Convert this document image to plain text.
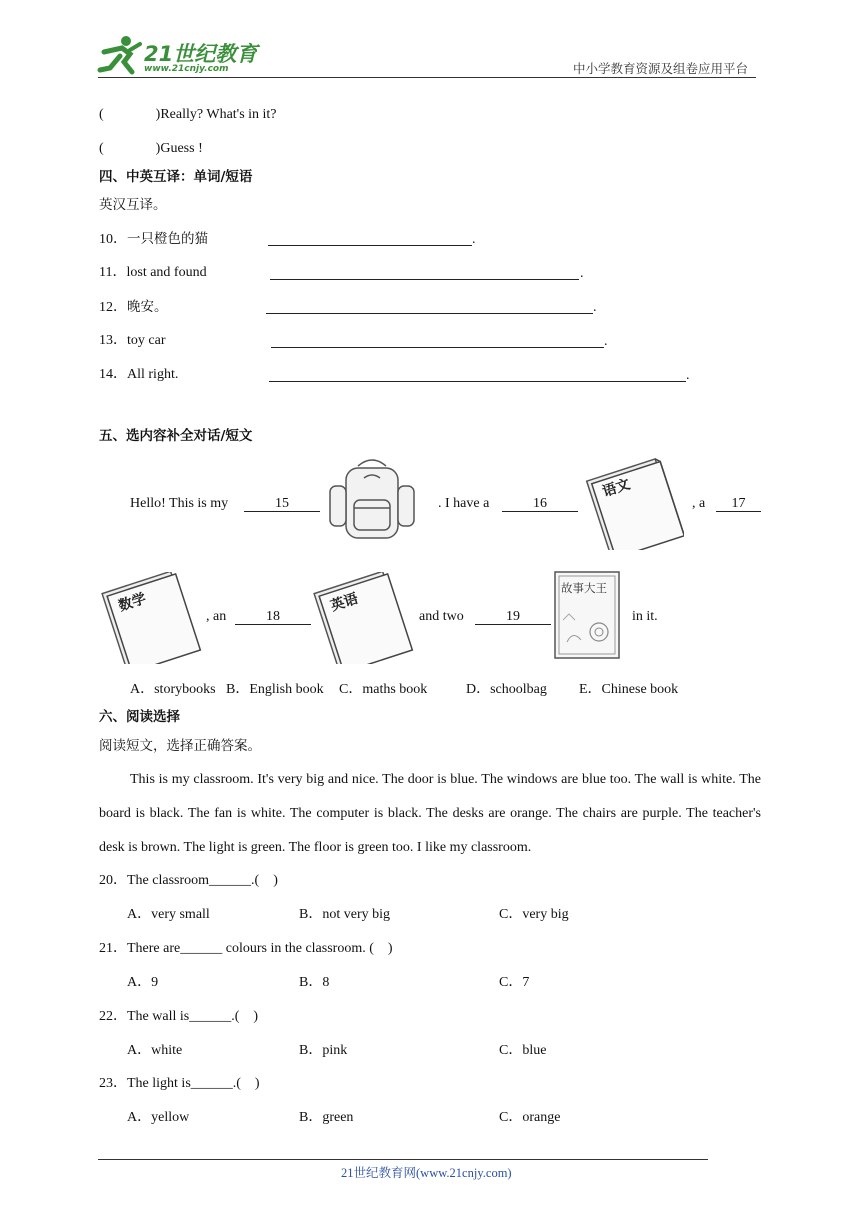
21世纪教育
www.21cnjy.com	中小学教育资源及组卷应用平台
(	)Really? What's in it?
(	)Guess !
四、中英互译：单词/短语
英汉互译。
10．一只橙色的猫	.
11．lost and found	.
12．晚安。	.
13．toy car	.
14．All right.	.
五、选内容补全对话/短文
Hello! This is my	15	. I have a	16
语文
, a	17
数学
, an	18
英语
and two	19
故事大王
in it.
A．storybooks B．English book C．maths book	D．schoolbag E．Chinese book
六、阅读选择
阅读短文，选择正确答案。

This is my classroom. It's very big and nice. The door is blue. The windows are blue too. The wall is white. The board is black. The fan is white. The computer is black. The desks are orange. The chairs are purple. The teacher's desk is brown. The light is green. The floor is green too. I like my classroom.

20．The classroom______.(　)
A．very small	B．not very big	C．very big
21．There are______ colours in the classroom. (　)
A．9	B．8	C．7
22．The wall is______.(　)
A．white	B．pink	C．blue
23．The light is______.(　)
A．yellow	B．green	C．orange
21世纪教育网(www.21cnjy.com)
